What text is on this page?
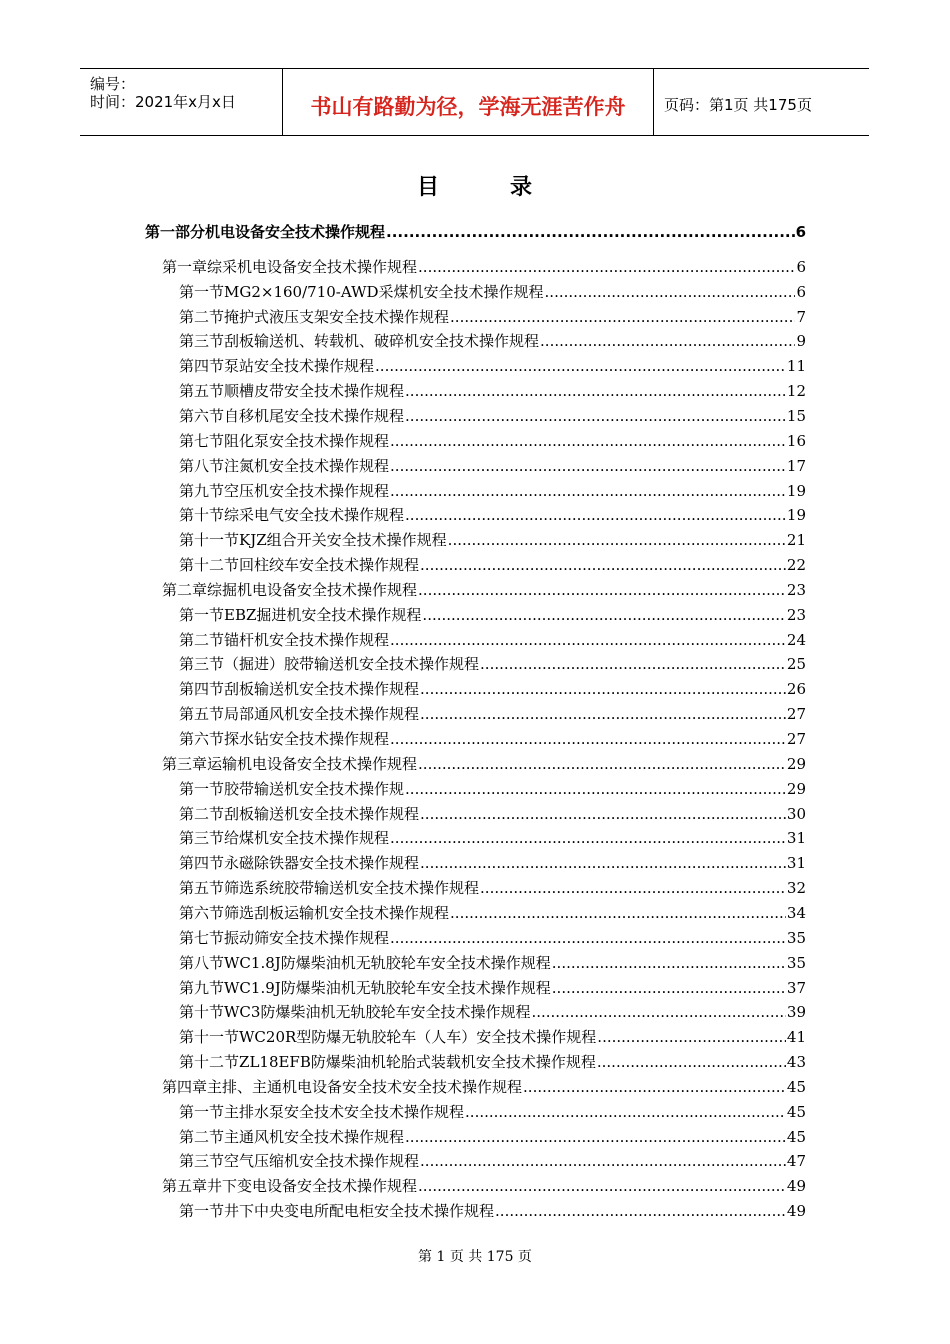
编号：
时间：2021年x月x日	书山有路勤为径，学海无涯苦作舟	页码：第1页 共175页
目	录
第一部分 机电设备安全技术操作规程 .....	6
第一章 综采机电设备安全技术操作规程 .....	6
第一节 MG2×160/710-AWD采煤机安全技术操作规程 .....	6
第二节 掩护式液压支架安全技术操作规程 .....	7
第三节 刮板输送机、转载机、破碎机安全技术操作规程 .....	9
第四节 泵站安全技术操作规程 .....	11
第五节 顺槽皮带安全技术操作规程 .....	12
第六节 自移机尾安全技术操作规程 .....	15
第七节 阻化泵安全技术操作规程 .....	16
第八节 注氮机安全技术操作规程 .....	17
第九节 空压机安全技术操作规程 .....	19
第十节 综采电气安全技术操作规程 .....	19
第十一节 KJZ组合开关安全技术操作规程 .....	21
第十二节 回柱绞车安全技术操作规程 .....	22
第二章 综掘机电设备安全技术操作规程 .....	23
第一节 EBZ掘进机安全技术操作规程 .....	23
第二节 锚杆机安全技术操作规程 .....	24
第三节 （掘进）胶带输送机安全技术操作规程 .....	25
第四节 刮板输送机安全技术操作规程 .....	26
第五节 局部通风机安全技术操作规程 .....	27
第六节 探水钻安全技术操作规程 .....	27
第三章 运输机电设备安全技术操作规程 .....	29
第一节 胶带输送机安全技术操作规 .....	29
第二节 刮板输送机安全技术操作规程 .....	30
第三节 给煤机安全技术操作规程 .....	31
第四节 永磁除铁器安全技术操作规程 .....	31
第五节 筛选系统胶带输送机安全技术操作规程 .....	32
第六节 筛选刮板运输机安全技术操作规程 .....	34
第七节 振动筛安全技术操作规程 .....	35
第八节 WC1.8J防爆柴油机无轨胶轮车安全技术操作规程 .....	35
第九节 WC1.9J防爆柴油机无轨胶轮车安全技术操作规程 .....	37
第十节 WC3防爆柴油机无轨胶轮车安全技术操作规程 .....	39
第十一节 WC20R型防爆无轨胶轮车（人车）安全技术操作规程 .....	41
第十二节 ZL18EFB防爆柴油机轮胎式装载机安全技术操作规程 .....	43
第四章 主排、主通机电设备安全技术安全技术操作规程 .....	45
第一节 主排水泵安全技术安全技术操作规程 .....	45
第二节 主通风机安全技术操作规程 .....	45
第三节 空气压缩机安全技术操作规程 .....	47
第五章 井下变电设备安全技术操作规程 .....	49
第一节 井下中央变电所配电柜安全技术操作规程 .....	49
第 1 页 共 175 页
